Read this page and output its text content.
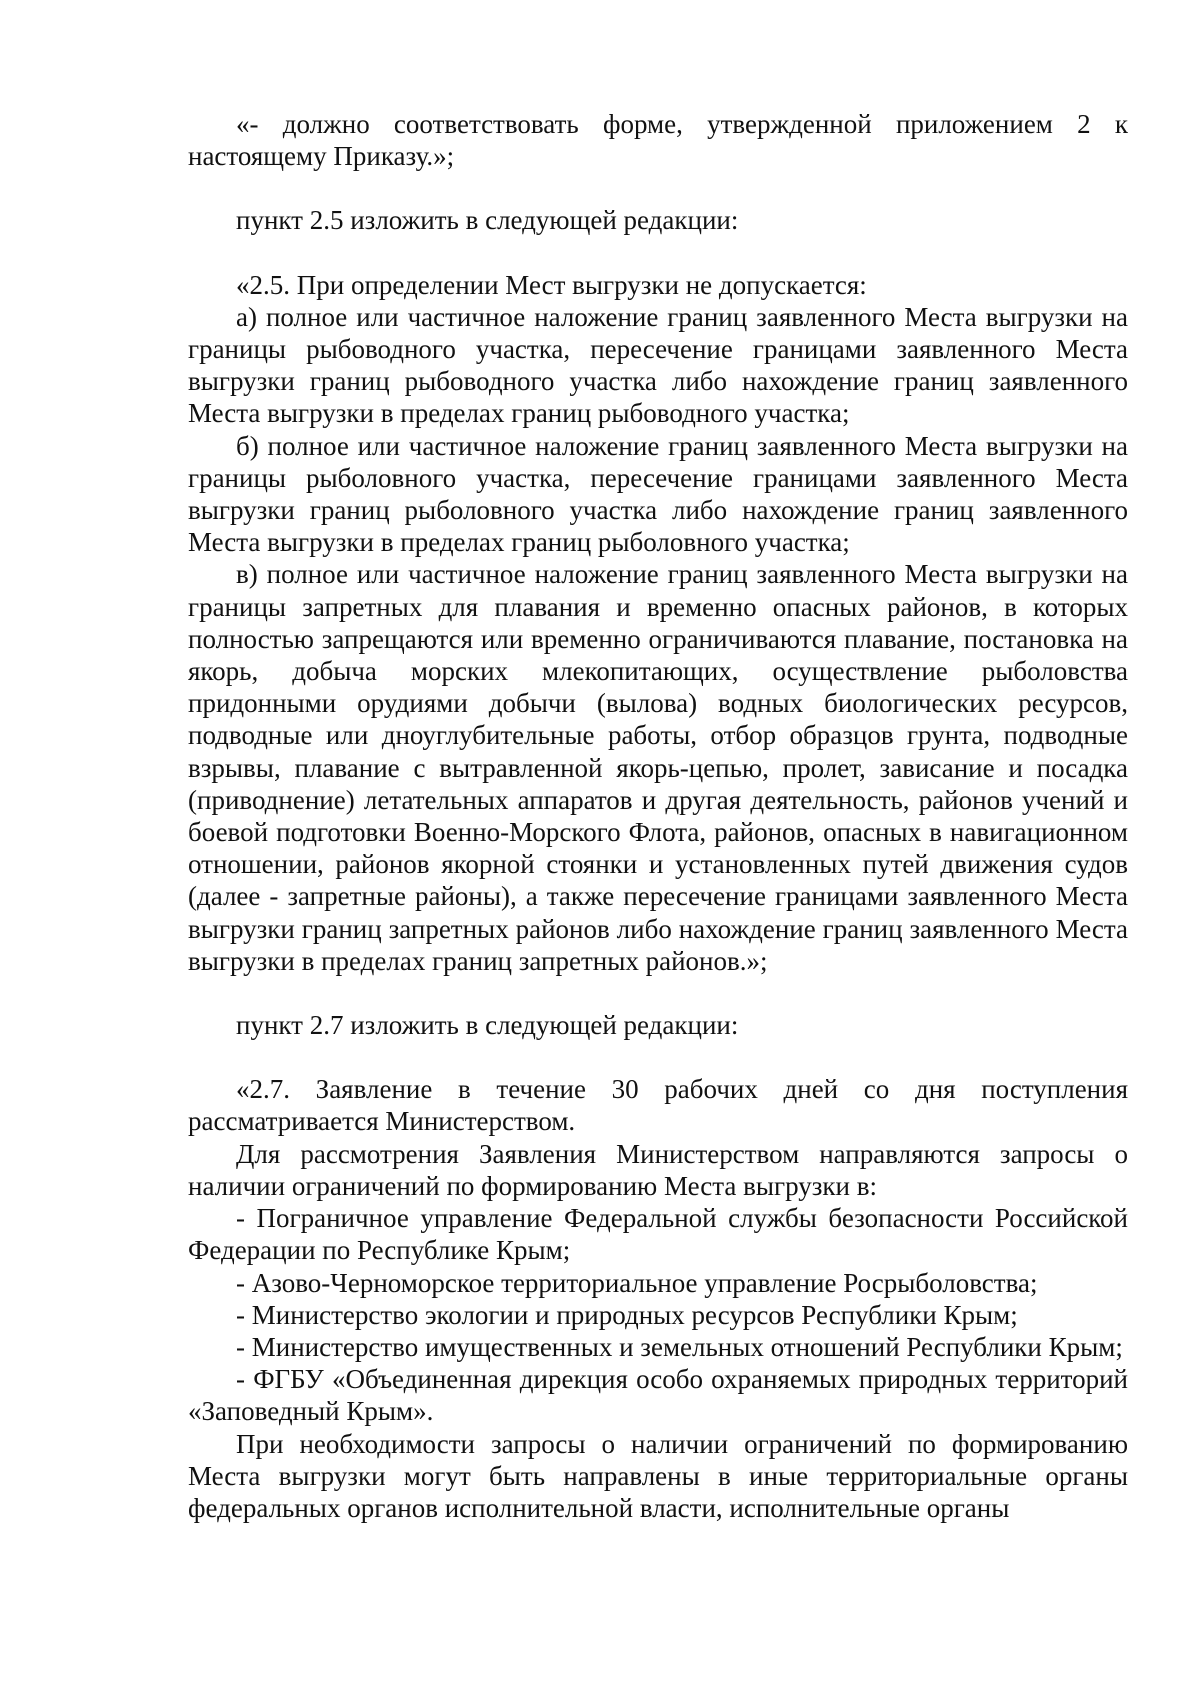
«- должно соответствовать форме, утвержденной приложением 2 к настоящему Приказу.»;

пункт 2.5 изложить в следующей редакции:

«2.5. При определении Мест выгрузки не допускается:

а) полное или частичное наложение границ заявленного Места выгрузки на границы рыбоводного участка, пересечение границами заявленного Места выгрузки границ рыбоводного участка либо нахождение границ заявленного Места выгрузки в пределах границ рыбоводного участка;

б) полное или частичное наложение границ заявленного Места выгрузки на границы рыболовного участка, пересечение границами заявленного Места выгрузки границ рыболовного участка либо нахождение границ заявленного Места выгрузки в пределах границ рыболовного участка;

в) полное или частичное наложение границ заявленного Места выгрузки на границы запретных для плавания и временно опасных районов, в которых полностью запрещаются или временно ограничиваются плавание, постановка на якорь, добыча морских млекопитающих, осуществление рыболовства придонными орудиями добычи (вылова) водных биологических ресурсов, подводные или дноуглубительные работы, отбор образцов грунта, подводные взрывы, плавание с вытравленной якорь-цепью, пролет, зависание и посадка (приводнение) летательных аппаратов и другая деятельность, районов учений и боевой подготовки Военно-Морского Флота, районов, опасных в навигационном отношении, районов якорной стоянки и установленных путей движения судов (далее - запретные районы), а также пересечение границами заявленного Места выгрузки границ запретных районов либо нахождение границ заявленного Места выгрузки в пределах границ запретных районов.»;

пункт 2.7 изложить в следующей редакции:

«2.7. Заявление в течение 30 рабочих дней со дня поступления рассматривается Министерством.

Для рассмотрения Заявления Министерством направляются запросы о наличии ограничений по формированию Места выгрузки в:

- Пограничное управление Федеральной службы безопасности Российской Федерации по Республике Крым;

- Азово-Черноморское территориальное управление Росрыболовства;

- Министерство экологии и природных ресурсов Республики Крым;

- Министерство имущественных и земельных отношений Республики Крым;

- ФГБУ «Объединенная дирекция особо охраняемых природных территорий «Заповедный Крым».

При необходимости запросы о наличии ограничений по формированию Места выгрузки могут быть направлены в иные территориальные органы федеральных органов исполнительной власти, исполнительные органы
